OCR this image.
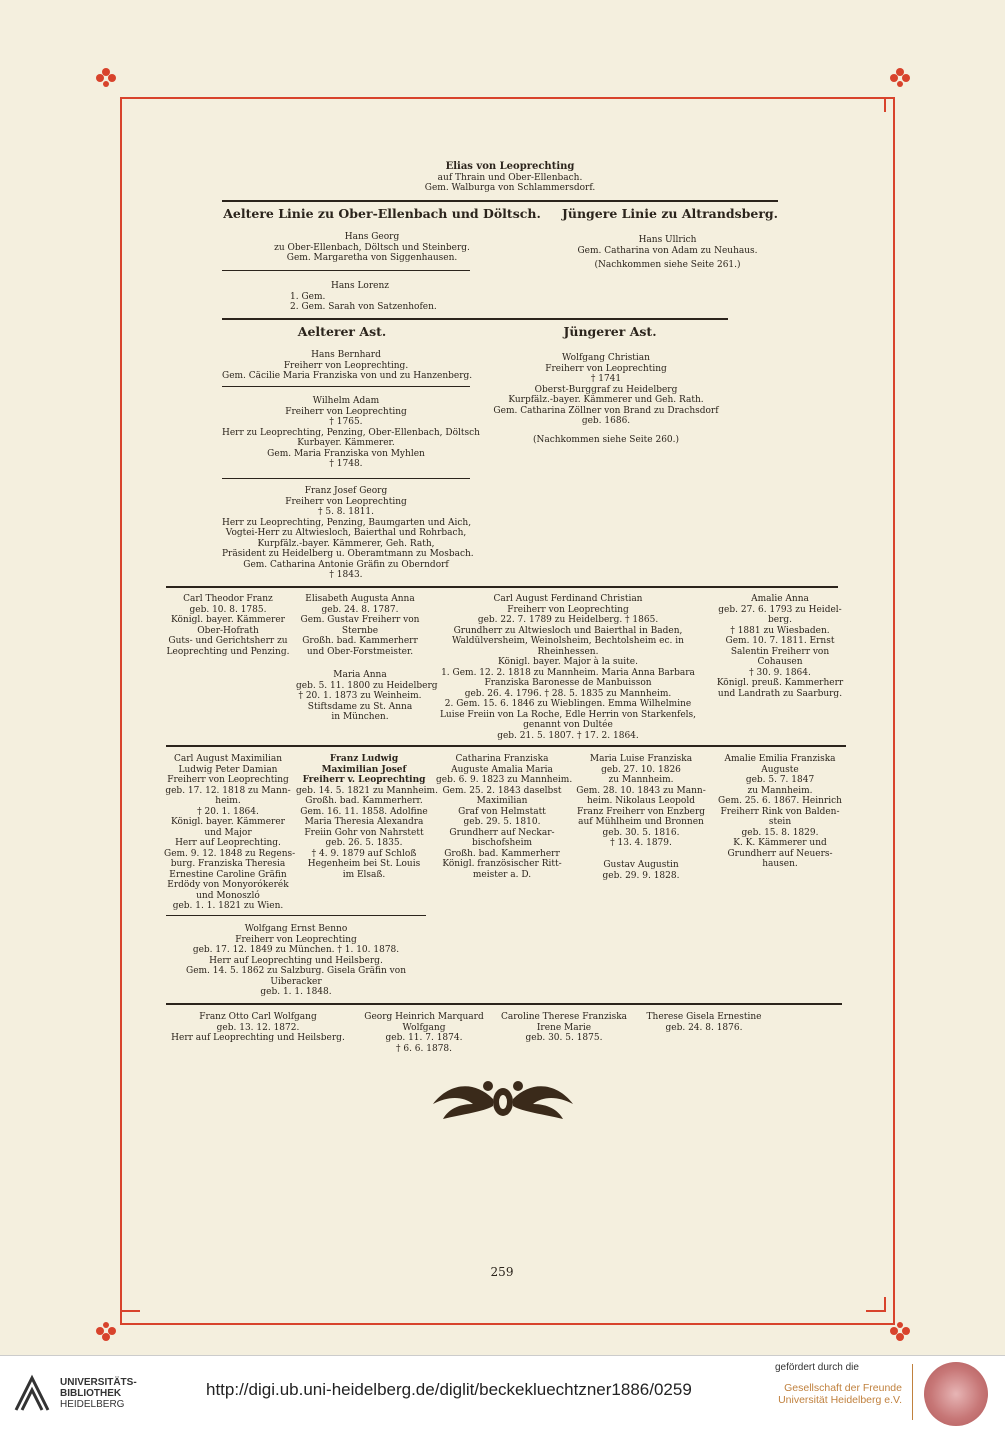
Elias von Leoprechting
auf Thrain und Ober-Ellenbach.
Gem. Walburga von Schlammersdorf.
Aeltere Linie zu Ober-Ellenbach und Döltsch. Jüngere Linie zu Altrandsberg.
Hans Georg
zu Ober-Ellenbach, Döltsch und Steinberg.
Gem. Margaretha von Siggenhausen.
Hans Ullrich
Gem. Catharina von Adam zu Neuhaus.
(Nachkommen siehe Seite 261.)
Hans Lorenz
1. Gem.
2. Gem. Sarah von Satzenhofen.
Aelterer Ast.	Jüngerer Ast.
Hans Bernhard
Freiherr von Leoprechting.
Gem. Cäcilie Maria Franziska von und zu Hanzenberg.
Wilhelm Adam
Freiherr von Leoprechting
† 1765.
Herr zu Leoprechting, Penzing, Ober-Ellenbach, Döltsch
Kurbayer. Kämmerer.
Gem. Maria Franziska von Myhlen
† 1748.
Wolfgang Christian
Freiherr von Leoprechting
† 1741
Oberst-Burggraf zu Heidelberg
Kurpfälz.-bayer. Kämmerer und Geh. Rath.
Gem. Catharina Zöllner von Brand zu Drachsdorf
geb. 1686.
(Nachkommen siehe Seite 260.)
Franz Josef Georg
Freiherr von Leoprechting
† 5. 8. 1811.
Herr zu Leoprechting, Penzing, Baumgarten und Aich,
Vogtei-Herr zu Altwiesloch, Baierthal und Rohrbach,
Kurpfälz.-bayer. Kämmerer, Geh. Rath,
Präsident zu Heidelberg u. Oberamtmann zu Mosbach.
Gem. Catharina Antonie Gräfin zu Oberndorf
† 1843.
Carl Theodor Franz
geb. 10. 8. 1785.
Königl. bayer. Kämmerer
Ober-Hofrath
Guts- und Gerichtsherr zu
Leoprechting und Penzing.
Elisabeth Augusta Anna
geb. 24. 8. 1787.
Gem. Gustav Freiherr von
Sternbe
Großh. bad. Kammerherr
und Ober-Forstmeister.
Maria Anna
geb. 5. 11. 1800 zu Heidelberg
† 20. 1. 1873 zu Weinheim.
Stiftsdame zu St. Anna
in München.
Carl August Ferdinand Christian
Freiherr von Leoprechting
geb. 22. 7. 1789 zu Heidelberg. † 1865.
Grundherr zu Altwiesloch und Baierthal in Baden,
Waldülversheim, Weinolsheim, Bechtolsheim ec. in
Rheinhessen.
Königl. bayer. Major à la suite.
1. Gem. 12. 2. 1818 zu Mannheim. Maria Anna Barbara
Franziska Baronesse de Manbuisson
geb. 26. 4. 1796. † 28. 5. 1835 zu Mannheim.
2. Gem. 15. 6. 1846 zu Wieblingen. Emma Wilhelmine
Luise Freiin von La Roche, Edle Herrin von Starkenfels,
genannt von Dultée
geb. 21. 5. 1807. † 17. 2. 1864.
Amalie Anna
geb. 27. 6. 1793 zu Heidel-
berg.
† 1881 zu Wiesbaden.
Gem. 10. 7. 1811. Ernst
Salentin Freiherr von
Cohausen
† 30. 9. 1864.
Königl. preuß. Kammerherr
und Landrath zu Saarburg.
Carl August Maximilian
Ludwig Peter Damian
Freiherr von Leoprechting
geb. 17. 12. 1818 zu Mann-
heim.
† 20. 1. 1864.
Königl. bayer. Kämmerer
und Major
Herr auf Leoprechting.
Gem. 9. 12. 1848 zu Regens-
burg. Franziska Theresia
Ernestine Caroline Gräfin
Erdödy von Monyorókerék
und Monoszló
geb. 1. 1. 1821 zu Wien.
Franz Ludwig
Maximilian Josef
Freiherr v. Leoprechting
geb. 14. 5. 1821 zu Mannheim.
Großh. bad. Kammerherr.
Gem. 16. 11. 1858. Adolfine
Maria Theresia Alexandra
Freiin Gohr von Nahrstett
geb. 26. 5. 1835.
† 4. 9. 1879 auf Schloß
Hegenheim bei St. Louis
im Elsaß.
Catharina Franziska
Auguste Amalia Maria
geb. 6. 9. 1823 zu Mannheim.
Gem. 25. 2. 1843 daselbst
Maximilian
Graf von Helmstatt
geb. 29. 5. 1810.
Grundherr auf Neckar-
bischofsheim
Großh. bad. Kammerherr
Königl. französischer Ritt-
meister a. D.
Maria Luise Franziska
geb. 27. 10. 1826
zu Mannheim.
Gem. 28. 10. 1843 zu Mann-
heim. Nikolaus Leopold
Franz Freiherr von Enzberg
auf Mühlheim und Bronnen
geb. 30. 5. 1816.
† 13. 4. 1879.
Gustav Augustin
geb. 29. 9. 1828.
Amalie Emilia Franziska
Auguste
geb. 5. 7. 1847
zu Mannheim.
Gem. 25. 6. 1867. Heinrich
Freiherr Rink von Balden-
stein
geb. 15. 8. 1829.
K. K. Kämmerer und
Grundherr auf Neuers-
hausen.
Wolfgang Ernst Benno
Freiherr von Leoprechting
geb. 17. 12. 1849 zu München. † 1. 10. 1878.
Herr auf Leoprechting und Heilsberg.
Gem. 14. 5. 1862 zu Salzburg. Gisela Gräfin von
Uiberacker
geb. 1. 1. 1848.
Franz Otto Carl Wolfgang
geb. 13. 12. 1872.
Herr auf Leoprechting und Heilsberg.
Georg Heinrich Marquard
Wolfgang
geb. 11. 7. 1874.
† 6. 6. 1878.
Caroline Therese Franziska
Irene Marie
geb. 30. 5. 1875.
Therese Gisela Ernestine
geb. 24. 8. 1876.
259
UNIVERSITÄTS-
BIBLIOTHEK
HEIDELBERG
http://digi.ub.uni-heidelberg.de/diglit/beckekluechtzner1886/0259
gefördert durch die
Gesellschaft der Freunde
Universität Heidelberg e.V.
